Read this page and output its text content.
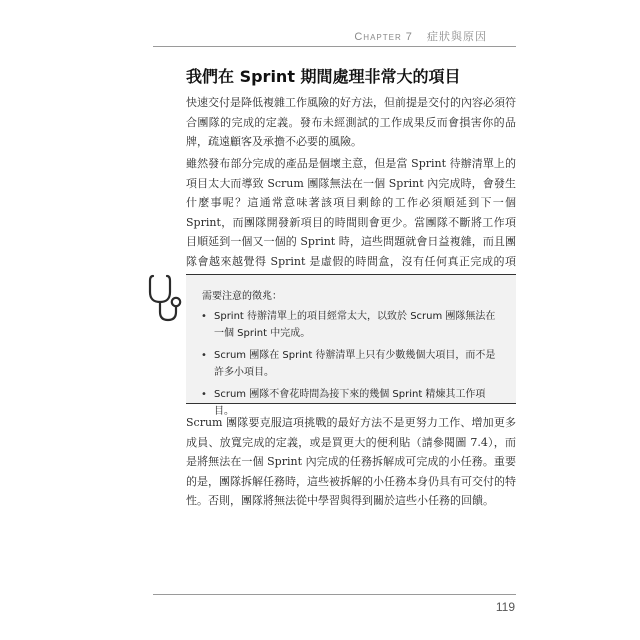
Chapter 7 症狀與原因
我們在 Sprint 期間處理非常大的項目

快速交付是降低複雜工作風險的好方法，但前提是交付的內容必須符合團隊的完成的定義。發布未經測試的工作成果反而會損害你的品牌，疏遠顧客及承擔不必要的風險。

雖然發布部分完成的產品是個壞主意，但是當 Sprint 待辦清單上的項目太大而導致 Scrum 團隊無法在一個 Sprint 內完成時，會發生什麼事呢？這通常意味著該項目剩餘的工作必須順延到下一個 Sprint，而團隊開發新項目的時間則會更少。當團隊不斷將工作項目順延到一個又一個的 Sprint 時，這些問題就會日益複雜，而且團隊會越來越覺得 Sprint 是虛假的時間盒，沒有任何真正完成的項

需要注意的徵兆：
• Sprint 待辦清單上的項目經常太大，以致於 Scrum 團隊無法在一個 Sprint 中完成。
• Scrum 團隊在 Sprint 待辦清單上只有少數幾個大項目，而不是許多小項目。
• Scrum 團隊不會花時間為接下來的幾個 Sprint 精煉其工作項目。

Scrum 團隊要克服這項挑戰的最好方法不是更努力工作、增加更多成員、放寬完成的定義，或是買更大的便利貼（請參閱圖 7.4），而是將無法在一個 Sprint 內完成的任務拆解成可完成的小任務。重要的是，團隊拆解任務時，這些被拆解的小任務本身仍具有可交付的特性。否則，團隊將無法從中學習與得到關於這些小任務的回饋。

119
